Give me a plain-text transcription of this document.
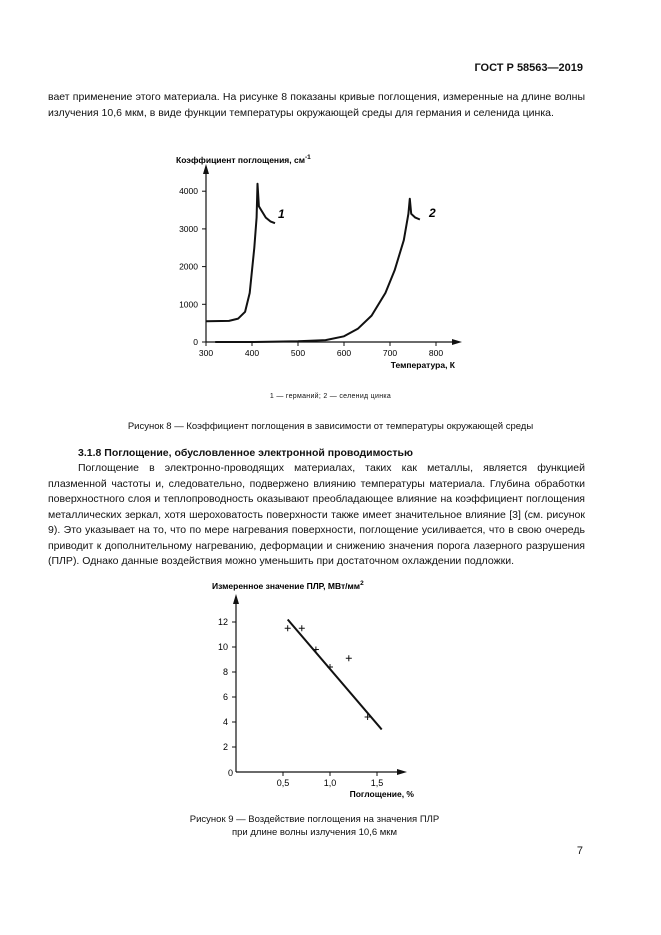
ГОСТ Р 58563—2019

вает применение этого материала. На рисунке 8 показаны кривые поглощения, измеренные на длине волны излучения 10,6 мкм, в виде функции температуры окружающей среды для германия и селенида цинка.

Коэффициент поглощения, $см^{-1}$
Температура, К
0
1000
2000
3000
4000
300	400	500	600	700	800
1	2
1 — германий; 2 — селенид цинка
Рисунок 8 — Коэффициент поглощения в зависимости от температуры окружающей среды
3.1.8 Поглощение, обусловленное электронной проводимостью

Поглощение в электронно-проводящих материалах, таких как металлы, является функцией плазменной частоты и, следовательно, подвержено влиянию температуры материала. Глубина обработки поверхностного слоя и теплопроводность оказывают преобладающее влияние на коэффициент поглощения металлических зеркал, хотя шероховатость поверхности также имеет значительное влияние [3] (см. рисунок 9). Это указывает на то, что по мере нагревания поверхности, поглощение усиливается, что в свою очередь приводит к дополнительному нагреванию, деформации и снижению значения порога лазерного разрушения (ПЛР). Однако данные воздействия можно уменьшить при достаточном охлаждении подложки.

Измеренное значение ПЛР, МВт/$мм^2$
Поглощение, %
0
2
4
6
8
10
12
0,5	1,0	1,5
Рисунок 9 — Воздействие поглощения на значения ПЛР
при длине волны излучения 10,6 мкм
7
